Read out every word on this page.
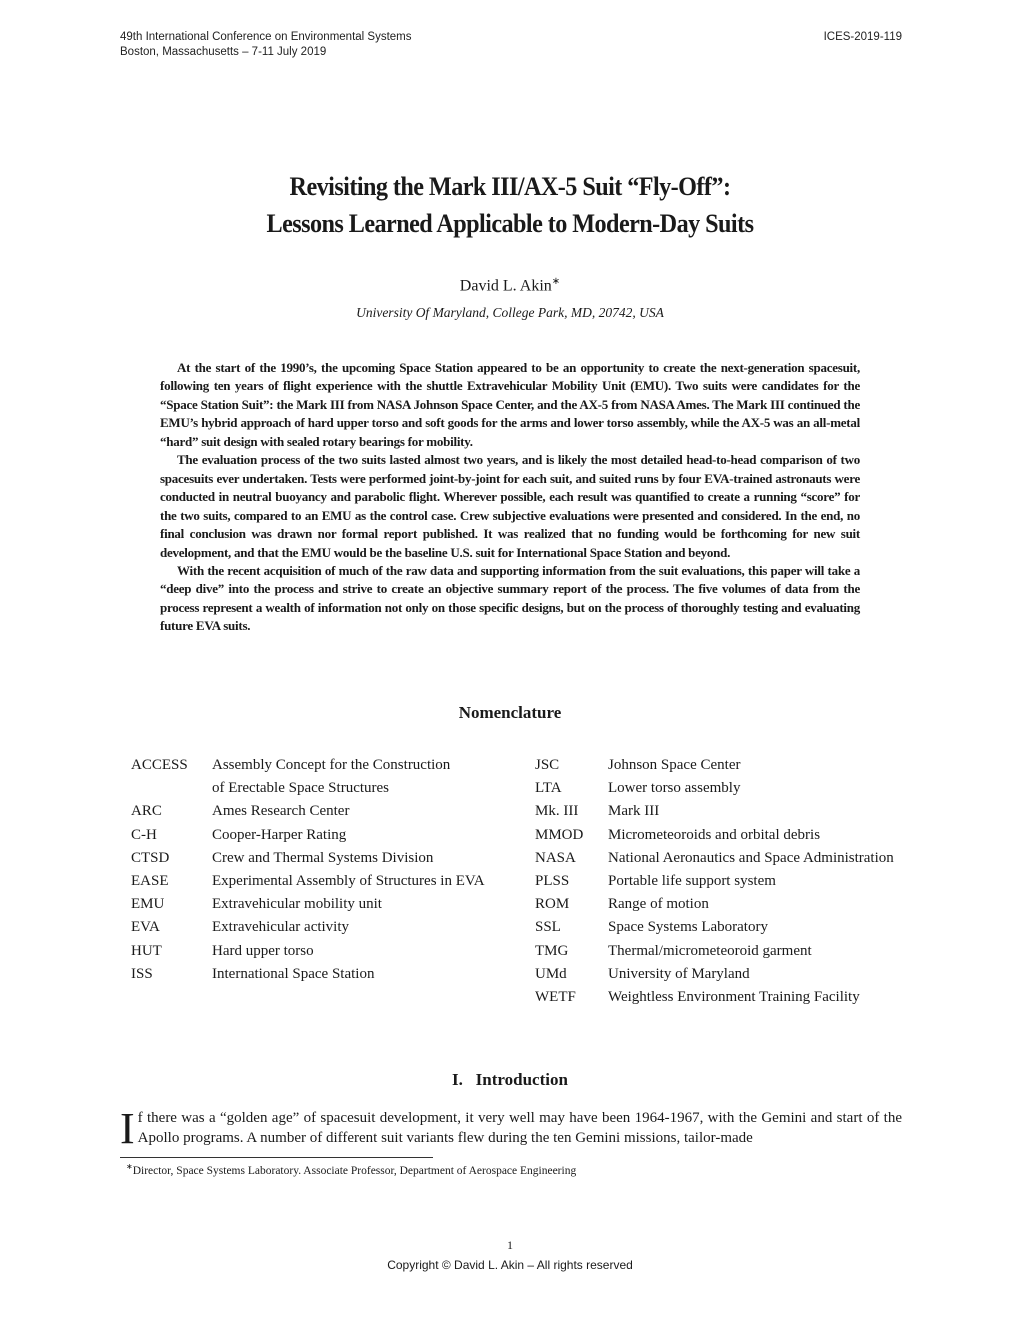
49th International Conference on Environmental Systems
Boston, Massachusetts – 7-11 July 2019
ICES-2019-119
Revisiting the Mark III/AX-5 Suit “Fly-Off”:
Lessons Learned Applicable to Modern-Day Suits
David L. Akin∗
University Of Maryland, College Park, MD, 20742, USA

At the start of the 1990’s, the upcoming Space Station appeared to be an opportunity to create the next-generation spacesuit, following ten years of flight experience with the shuttle Extravehicular Mobility Unit (EMU). Two suits were candidates for the “Space Station Suit”: the Mark III from NASA Johnson Space Center, and the AX-5 from NASA Ames. The Mark III continued the EMU’s hybrid approach of hard upper torso and soft goods for the arms and lower torso assembly, while the AX-5 was an all-metal “hard” suit design with sealed rotary bearings for mobility.

The evaluation process of the two suits lasted almost two years, and is likely the most detailed head-to-head comparison of two spacesuits ever undertaken. Tests were performed joint-by-joint for each suit, and suited runs by four EVA-trained astronauts were conducted in neutral buoyancy and parabolic flight. Wherever possible, each result was quantified to create a running “score” for the two suits, compared to an EMU as the control case. Crew subjective evaluations were presented and considered. In the end, no final conclusion was drawn nor formal report published. It was realized that no funding would be forthcoming for new suit development, and that the EMU would be the baseline U.S. suit for International Space Station and beyond.

With the recent acquisition of much of the raw data and supporting information from the suit evaluations, this paper will take a “deep dive” into the process and strive to create an objective summary report of the process. The five volumes of data from the process represent a wealth of information not only on those specific designs, but on the process of thoroughly testing and evaluating future EVA suits.

Nomenclature
ACCESS	Assembly Concept for the Construction
of Erectable Space Structures
ARC	Ames Research Center
C-H	Cooper-Harper Rating
CTSD	Crew and Thermal Systems Division
EASE	Experimental Assembly of Structures in EVA
EMU	Extravehicular mobility unit
EVA	Extravehicular activity
HUT	Hard upper torso
ISS	International Space Station
JSC	Johnson Space Center
LTA	Lower torso assembly
Mk. III	Mark III
MMOD	Micrometeoroids and orbital debris
NASA	National Aeronautics and Space Administration
PLSS	Portable life support system
ROM	Range of motion
SSL	Space Systems Laboratory
TMG	Thermal/micrometeoroid garment
UMd	University of Maryland
WETF	Weightless Environment Training Facility
I.   Introduction
If there was a “golden age” of spacesuit development, it very well may have been 1964-1967, with the Gemini and start of the Apollo programs. A number of different suit variants flew during the ten Gemini missions, tailor-made
∗Director, Space Systems Laboratory. Associate Professor, Department of Aerospace Engineering
1
Copyright © David L. Akin – All rights reserved
